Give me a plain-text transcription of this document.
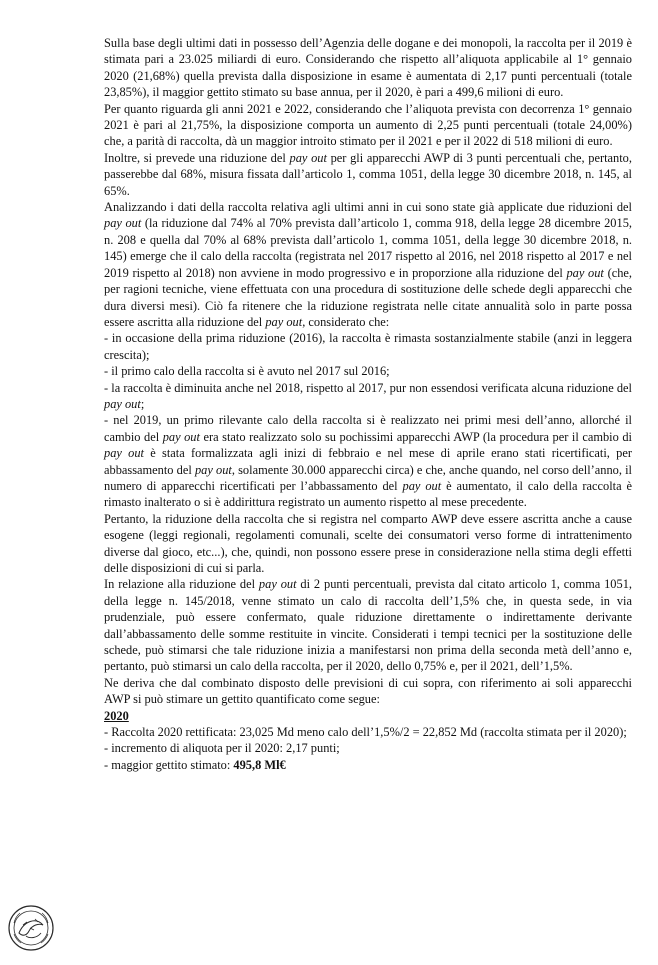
Sulla base degli ultimi dati in possesso dell’Agenzia delle dogane e dei monopoli, la raccolta per il 2019 è stimata pari a 23.025 miliardi di euro. Considerando che rispetto all’aliquota applicabile al 1° gennaio 2020 (21,68%) quella prevista dalla disposizione in esame è aumentata di 2,17 punti percentuali (totale 23,85%), il maggior gettito stimato su base annua, per il 2020, è pari a 499,6 milioni di euro.

Per quanto riguarda gli anni 2021 e 2022, considerando che l’aliquota prevista con decorrenza 1° gennaio 2021 è pari al 21,75%, la disposizione comporta un aumento di 2,25 punti percentuali (totale 24,00%) che, a parità di raccolta, dà un maggior introito stimato per il 2021 e per il 2022 di 518 milioni di euro.

Inoltre, si prevede una riduzione del pay out per gli apparecchi AWP di 3 punti percentuali che, pertanto, passerebbe dal 68%, misura fissata dall’articolo 1, comma 1051, della legge 30 dicembre 2018, n. 145, al 65%.

Analizzando i dati della raccolta relativa agli ultimi anni in cui sono state già applicate due riduzioni del pay out (la riduzione dal 74% al 70% prevista dall’articolo 1, comma 918, della legge 28 dicembre 2015, n. 208 e quella dal 70% al 68% prevista dall’articolo 1, comma 1051, della legge 30 dicembre 2018, n. 145) emerge che il calo della raccolta (registrata nel 2017 rispetto al 2016, nel 2018 rispetto al 2017 e nel 2019 rispetto al 2018) non avviene in modo progressivo e in proporzione alla riduzione del pay out (che, per ragioni tecniche, viene effettuata con una procedura di sostituzione delle schede degli apparecchi che dura diversi mesi). Ciò fa ritenere che la riduzione registrata nelle citate annualità solo in parte possa essere ascritta alla riduzione del pay out, considerato che:

- in occasione della prima riduzione (2016), la raccolta è rimasta sostanzialmente stabile (anzi in leggera crescita);

- il primo calo della raccolta si è avuto nel 2017 sul 2016;

- la raccolta è diminuita anche nel 2018, rispetto al 2017, pur non essendosi verificata alcuna riduzione del pay out;

- nel 2019, un primo rilevante calo della raccolta si è realizzato nei primi mesi dell’anno, allorché il cambio del pay out era stato realizzato solo su pochissimi apparecchi AWP (la procedura per il cambio di pay out è stata formalizzata agli inizi di febbraio e nel mese di aprile erano stati ricertificati, per abbassamento del pay out, solamente 30.000 apparecchi circa) e che, anche quando, nel corso dell’anno, il numero di apparecchi ricertificati per l’abbassamento del pay out è aumentato, il calo della raccolta è rimasto inalterato o si è addirittura registrato un aumento rispetto al mese precedente.

Pertanto, la riduzione della raccolta che si registra nel comparto AWP deve essere ascritta anche a cause esogene (leggi regionali, regolamenti comunali, scelte dei consumatori verso forme di intrattenimento diverse dal gioco, etc...), che, quindi, non possono essere prese in considerazione nella stima degli effetti delle disposizioni di cui si parla.

In relazione alla riduzione del pay out di 2 punti percentuali, prevista dal citato articolo 1, comma 1051, della legge n. 145/2018, venne stimato un calo di raccolta dell’1,5% che, in questa sede, in via prudenziale, può essere confermato, quale riduzione direttamente o indirettamente derivante dall’abbassamento delle somme restituite in vincite. Considerati i tempi tecnici per la sostituzione delle schede, può stimarsi che tale riduzione inizia a manifestarsi non prima della seconda metà dell’anno e, pertanto, può stimarsi un calo della raccolta, per il 2020, dello 0,75% e, per il 2021, dell’1,5%.

Ne deriva che dal combinato disposto delle previsioni di cui sopra, con riferimento ai soli apparecchi AWP si può stimare un gettito quantificato come segue:

2020

- Raccolta 2020 rettificata: 23,025 Md meno calo dell’1,5%/2 = 22,852 Md (raccolta stimata per il 2020);

- incremento di aliquota per il 2020: 2,17 punti;

- maggior gettito stimato: 495,8 Ml€
